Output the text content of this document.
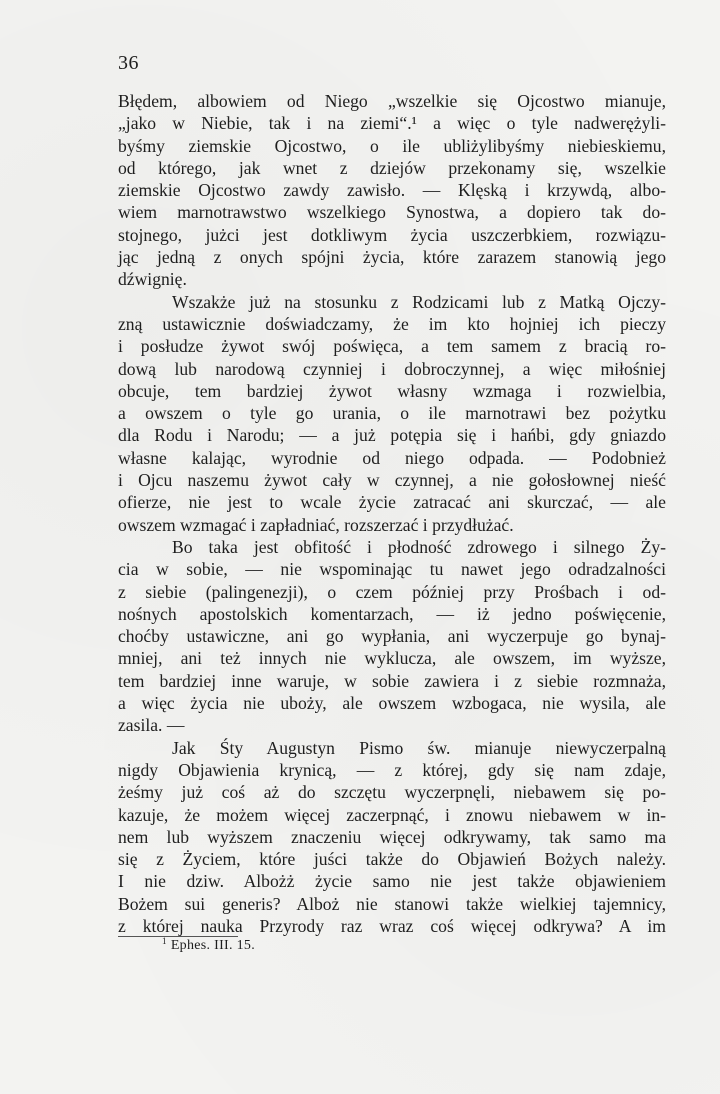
36
Błędem, albowiem od Niego „wszelkie się Ojcostwo mianuje,
„jako w Niebie, tak i na ziemi“.¹ a więc o tyle nadwerężyli-
byśmy ziemskie Ojcostwo, o ile ubliżylibyśmy niebieskiemu,
od którego, jak wnet z dziejów przekonamy się, wszelkie
ziemskie Ojcostwo zawdy zawisło. — Klęską i krzywdą, albo-
wiem marnotrawstwo wszelkiego Synostwa, a dopiero tak do-
stojnego, jużci jest dotkliwym życia uszczerbkiem, rozwiązu-
jąc jedną z onych spójni życia, które zarazem stanowią jego
dźwignię.
Wszakże już na stosunku z Rodzicami lub z Matką Ojczy-
zną ustawicznie doświadczamy, że im kto hojniej ich pieczy
i posłudze żywot swój poświęca, a tem samem z bracią ro-
dową lub narodową czynniej i dobroczynnej, a więc miłośniej
obcuje, tem bardziej żywot własny wzmaga i rozwielbia,
a owszem o tyle go urania, o ile marnotrawi bez pożytku
dla Rodu i Narodu; — a już potępia się i hańbi, gdy gniazdo
własne kalając, wyrodnie od niego odpada. — Podobnież
i Ojcu naszemu żywot cały w czynnej, a nie gołosłownej nieść
ofierze, nie jest to wcale życie zatracać ani skurczać, — ale
owszem wzmagać i zapładniać, rozszerzać i przydłużać.
Bo taka jest obfitość i płodność zdrowego i silnego Ży-
cia w sobie, — nie wspominając tu nawet jego odradzalności
z siebie (palingenezji), o czem później przy Prośbach i od-
nośnych apostolskich komentarzach, — iż jedno poświęcenie,
choćby ustawiczne, ani go wypłania, ani wyczerpuje go bynaj-
mniej, ani też innych nie wyklucza, ale owszem, im wyższe,
tem bardziej inne waruje, w sobie zawiera i z siebie rozmnaża,
a więc życia nie uboży, ale owszem wzbogaca, nie wysila, ale
zasila. —
Jak Śty Augustyn Pismo św. mianuje niewyczerpalną
nigdy Objawienia krynicą, — z której, gdy się nam zdaje,
żeśmy już coś aż do szczętu wyczerpnęli, niebawem się po-
kazuje, że możem więcej zaczerpnąć, i znowu niebawem w in-
nem lub wyższem znaczeniu więcej odkrywamy, tak samo ma
się z Życiem, które juści także do Objawień Bożych należy.
I nie dziw. Albożż życie samo nie jest także objawieniem
Bożem sui generis? Alboż nie stanowi także wielkiej tajemnicy,
z której nauka Przyrody raz wraz coś więcej odkrywa? A im
$^1$ Ephes. III. 15.
